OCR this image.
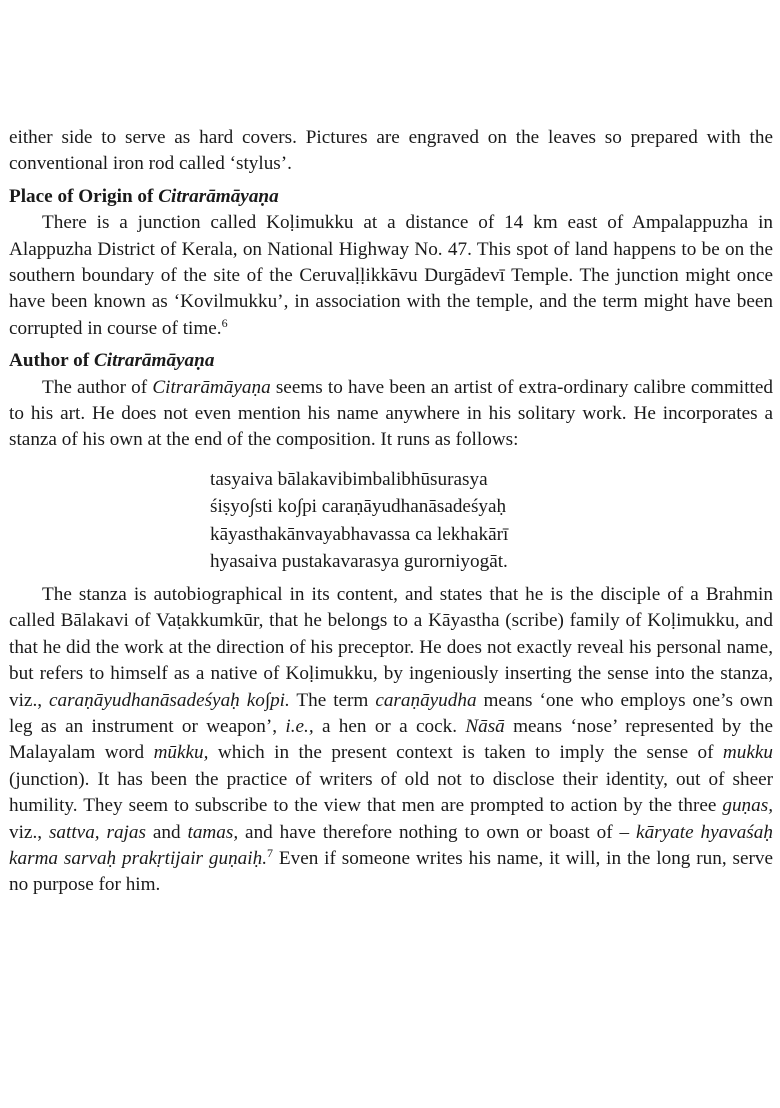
either side to serve as hard covers. Pictures are engraved on the leaves so prepared with the conventional iron rod called ‘stylus’.

Place of Origin of Citrarāmāyaṇa

There is a junction called Koḷimukku at a distance of 14 km east of Ampalappuzha in Alappuzha District of Kerala, on National Highway No. 47. This spot of land happens to be on the southern boundary of the site of the Ceruvaḷḷikkāvu Durgādevī Temple. The junction might once have been known as ‘Kovilmukku’, in association with the temple, and the term might have been corrupted in course of time.$^6$

Author of Citrarāmāyaṇa

The author of Citrarāmāyaṇa seems to have been an artist of extra-ordinary calibre committed to his art. He does not even mention his name anywhere in his solitary work. He incorporates a stanza of his own at the end of the composition. It runs as follows:

tasyaiva bālakavibimbalibhūsurasya
śiṣyo∫sti ko∫pi caraṇāyudhanāsadeśyaḥ
kāyasthakānvayabhavassa ca lekhakārī
hyasaiva pustakavarasya gurorniyogāt.

The stanza is autobiographical in its content, and states that he is the disciple of a Brahmin called Bālakavi of Vaṭakkumkūr, that he belongs to a Kāyastha (scribe) family of Koḷimukku, and that he did the work at the direction of his preceptor. He does not exactly reveal his personal name, but refers to himself as a native of Koḷimukku, by ingeniously inserting the sense into the stanza, viz., caraṇāyudhanāsadeśyaḥ ko∫pi. The term caraṇāyudha means ‘one who employs one’s own leg as an instrument or weapon’, i.e., a hen or a cock. Nāsā means ‘nose’ represented by the Malayalam word mūkku, which in the present context is taken to imply the sense of mukku (junction). It has been the practice of writers of old not to disclose their identity, out of sheer humility. They seem to subscribe to the view that men are prompted to action by the three guṇas, viz., sattva, rajas and tamas, and have therefore nothing to own or boast of – kāryate hyavaśaḥ karma sarvaḥ prakṛtijair guṇaiḥ.$^7$ Even if someone writes his name, it will, in the long run, serve no purpose for him.
